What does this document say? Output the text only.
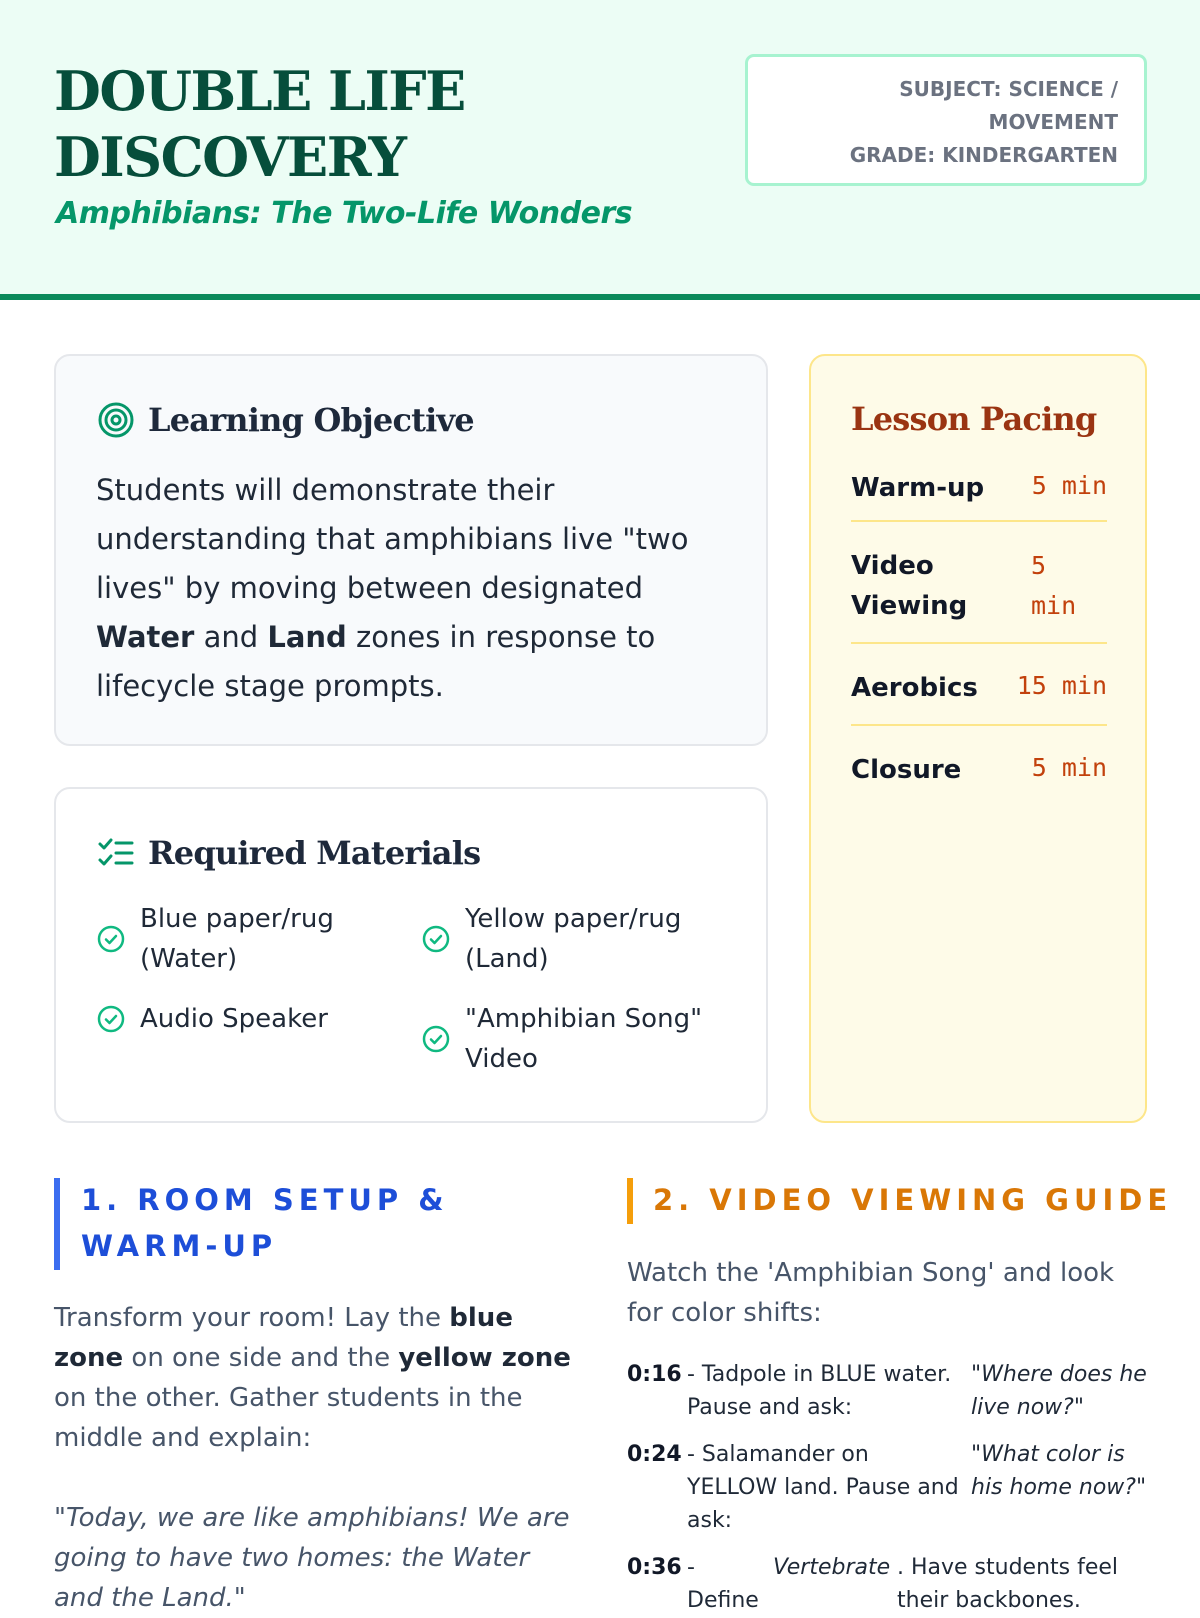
DOUBLE LIFE DISCOVERY
Amphibians: The Two-Life Wonders
SUBJECT: SCIENCE / MOVEMENT
GRADE: KINDERGARTEN
Learning Objective
Students will demonstrate their understanding that amphibians live "two lives" by moving between designated Water and Land zones in response to lifecycle stage prompts.
Required Materials
Blue paper/rug (Water)
Yellow paper/rug (Land)
Audio Speaker	"Amphibian Song" Video
Lesson Pacing
Warm-up 5 min
Video Viewing
5 min
Aerobics 15 min
Closure	5 min
1. ROOM SETUP & WARM-UP
Transform your room! Lay the blue zone on one side and the yellow zone on the other. Gather students in the middle and explain:
"Today, we are like amphibians! We are going to have two homes: the Water and the Land."
2. VIDEO VIEWING GUIDE
Watch the 'Amphibian Song' and look for color shifts:
0:16 - Tadpole in BLUE water. Pause and ask:
"Where does he live now?"
0:24 - Salamander on YELLOW land. Pause and ask:
"What color is his home now?"
0:36 - Define
Vertebrate . Have students feel their backbones.
